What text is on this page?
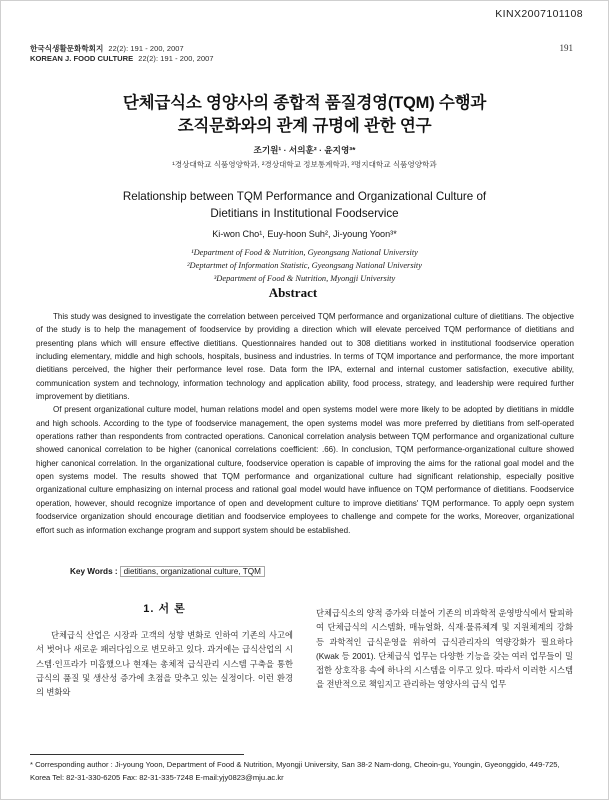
KINX2007101108
한국식생활문화학회지 22(2): 191 - 200, 2007
KOREAN J. FOOD CULTURE 22(2): 191 - 200, 2007
191
단체급식소 영양사의 종합적 품질경영(TQM) 수행과
조직문화와의 관계 규명에 관한 연구
조기원¹ · 서의훈² · 윤지영³*
¹경상대학교 식품영양학과, ²경상대학교 정보통계학과, ³명지대학교 식품영양학과
Relationship between TQM Performance and Organizational Culture of
Dietitians in Institutional Foodservice
Ki-won Cho¹, Euy-hoon Suh², Ji-young Yoon³*
¹Department of Food & Nutrition, Gyeongsang National University
²Deptartmet of Information Statistic, Gyeongsang National University
³Department of Food & Nutrition, Myongji University
Abstract

This study was designed to investigate the correlation between perceived TQM performance and organizational culture of dietitians. The objective of the study is to help the management of foodservice by providing a direction which will elevate perceived TQM performance of dietitians and presenting plans which will ensure effective dietitians. Questionnaires handed out to 308 dietitians worked in institutional foodservice operation including elementary, middle and high schools, hospitals, business and industries. In terms of TQM importance and performance, the more important dietitians perceived, the higher their performance level rose. Data form the IPA, external and internal customer satisfaction, executive ability, communication system and technology, information technology and application ability, food process, strategy, and leadership were required further improvement by dietitians.

Of present organizational culture model, human relations model and open systems model were more likely to be adopted by dietitians in middle and high schools. According to the type of foodservice management, the open systems model was more preferred by dietitians from self-operated operations rather than respondents from contracted operations. Canonical correlation analysis between TQM performance and organizational culture showed canonical correlation to be higher (canonical correlations coefficient: .66). In conclusion, TQM performance-organizational culture showed higher canonical correlation. In the organizational culture, foodservice operation is capable of improving the aims for the rational goal model and the open systems model. The results showed that TQM performance and organizational culture had significant relationship, especially positive organizational culture emphasizing on internal process and rational goal model would have influence on TQM performance of dietitians. Foodservice operation, however, should recognize importance of open and development culture to improve dietitians' TQM performance. To apply oepn system foodservice organization should encourage dietitian and foodservice employees to challenge and compete for the works, Moreover, organizational effort such as information exchange program and support system should be established.

Key Words : dietitians, organizational culture, TQM
1. 서 론

단체급식 산업은 시장과 고객의 성향 변화로 인하여 기존의 사고에서 벗어나 새로운 패러다임으로 변모하고 있다. 과거에는 급식산업의 시스템·인프라가 미흡했으나 현재는 총체적 급식관리 시스템 구축을 통한 급식의 품질 및 생산성 증가에 초점을 맞추고 있는 실정이다. 이런 환경의 변화와

단체급식소의 양적 증가와 더불어 기존의 비과학적 운영방식에서 탈피하여 단체급식의 시스템화, 매뉴얼화, 식재·물류체계 및 지원체계의 강화 등 과학적인 급식운영을 위하여 급식관리자의 역량강화가 필요하다(Kwak 등 2001). 단체급식 업무는 다양한 기능을 갖는 여러 업무들이 밀접한 상호작용 속에 하나의 시스템을 이루고 있다. 따라서 이러한 시스템을 전반적으로 책임지고 관리하는 영양사의 급식 업무

* Corresponding author : Ji-young Yoon, Department of Food & Nutrition, Myongji University, San 38-2 Nam-dong, Cheoin-gu, Youngin, Gyeonggido, 449-725,
Korea Tel: 82-31-330-6205 Fax: 82-31-335-7248 E-mail:yjy0823@mju.ac.kr
